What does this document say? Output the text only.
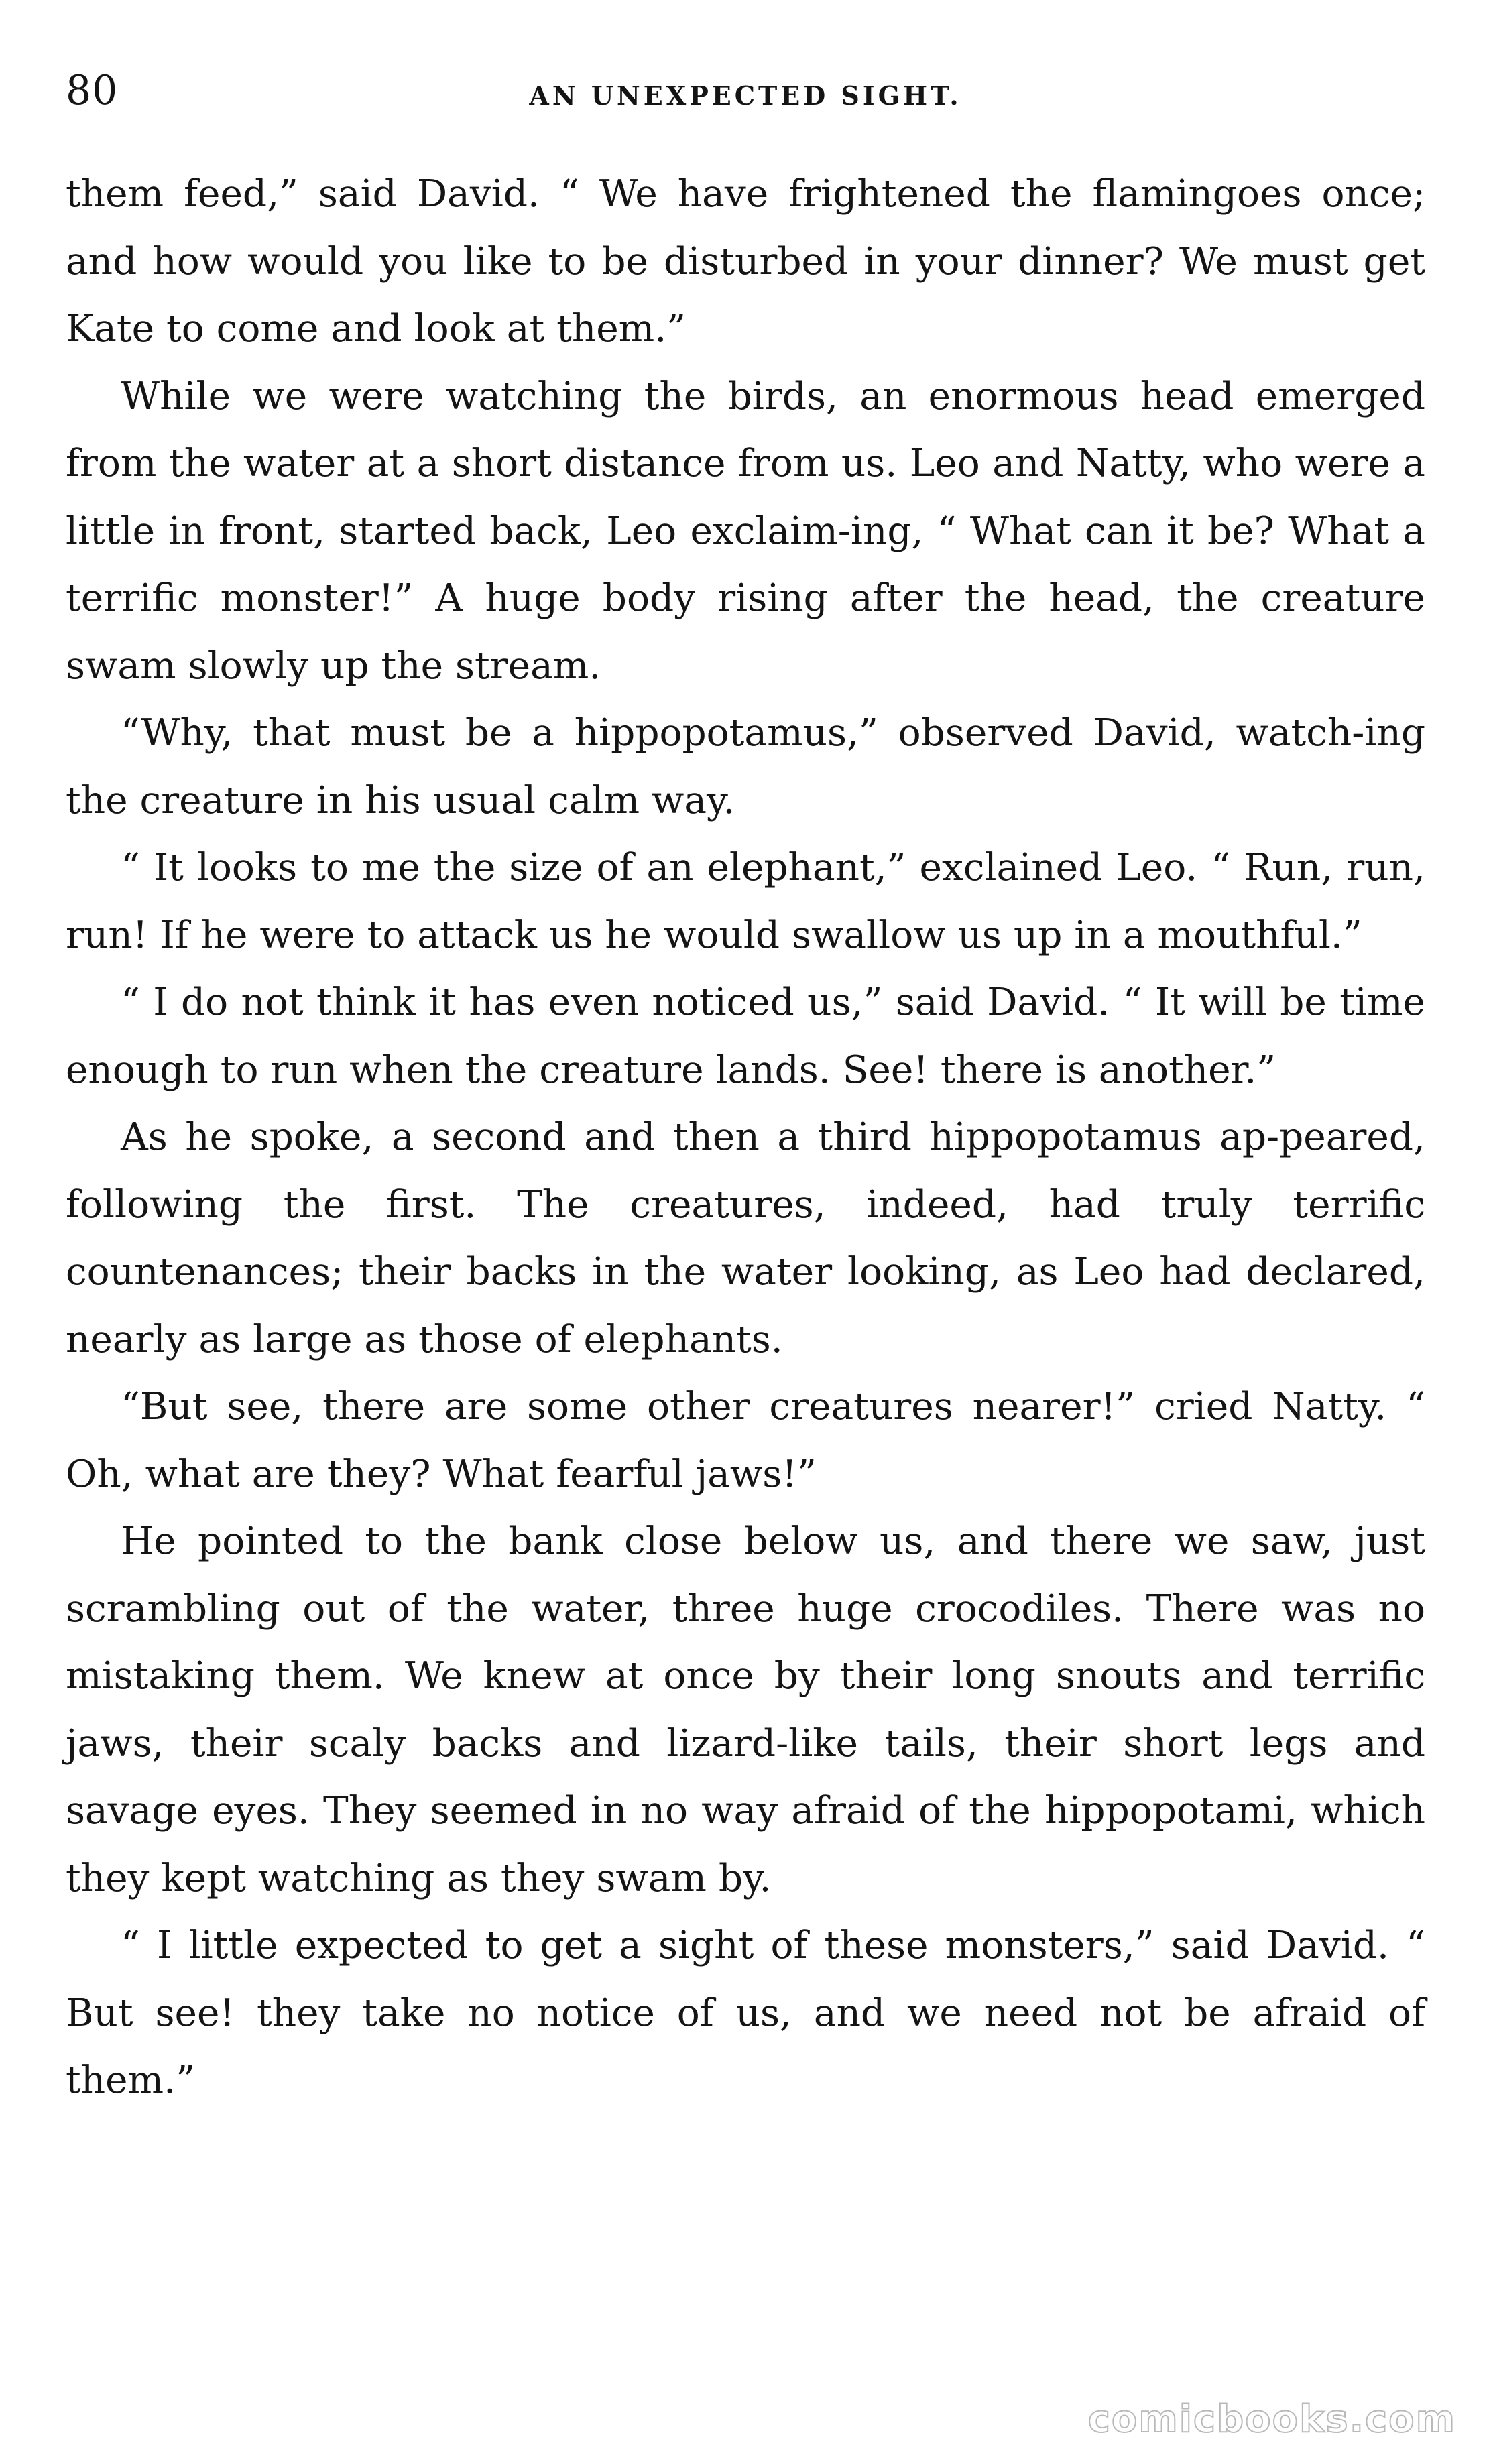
80	AN UNEXPECTED SIGHT.

them feed,” said David. “ We have frightened the flamingoes once; and how would you like to be disturbed in your dinner? We must get Kate to come and look at them.”

While we were watching the birds, an enormous head emerged from the water at a short distance from us. Leo and Natty, who were a little in front, started back, Leo exclaim-ing, “ What can it be? What a terrific monster!” A huge body rising after the head, the creature swam slowly up the stream.

“Why, that must be a hippopotamus,” observed David, watch-ing the creature in his usual calm way.

“ It looks to me the size of an elephant,” exclained Leo. “ Run, run, run! If he were to attack us he would swallow us up in a mouthful.”

“ I do not think it has even noticed us,” said David. “ It will be time enough to run when the creature lands. See! there is another.”

As he spoke, a second and then a third hippopotamus ap-peared, following the first. The creatures, indeed, had truly terrific countenances; their backs in the water looking, as Leo had declared, nearly as large as those of elephants.

“But see, there are some other creatures nearer!” cried Natty. “ Oh, what are they? What fearful jaws!”

He pointed to the bank close below us, and there we saw, just scrambling out of the water, three huge crocodiles. There was no mistaking them. We knew at once by their long snouts and terrific jaws, their scaly backs and lizard-like tails, their short legs and savage eyes. They seemed in no way afraid of the hippopotami, which they kept watching as they swam by.

“ I little expected to get a sight of these monsters,” said David. “ But see! they take no notice of us, and we need not be afraid of them.”

comicbooks.com
